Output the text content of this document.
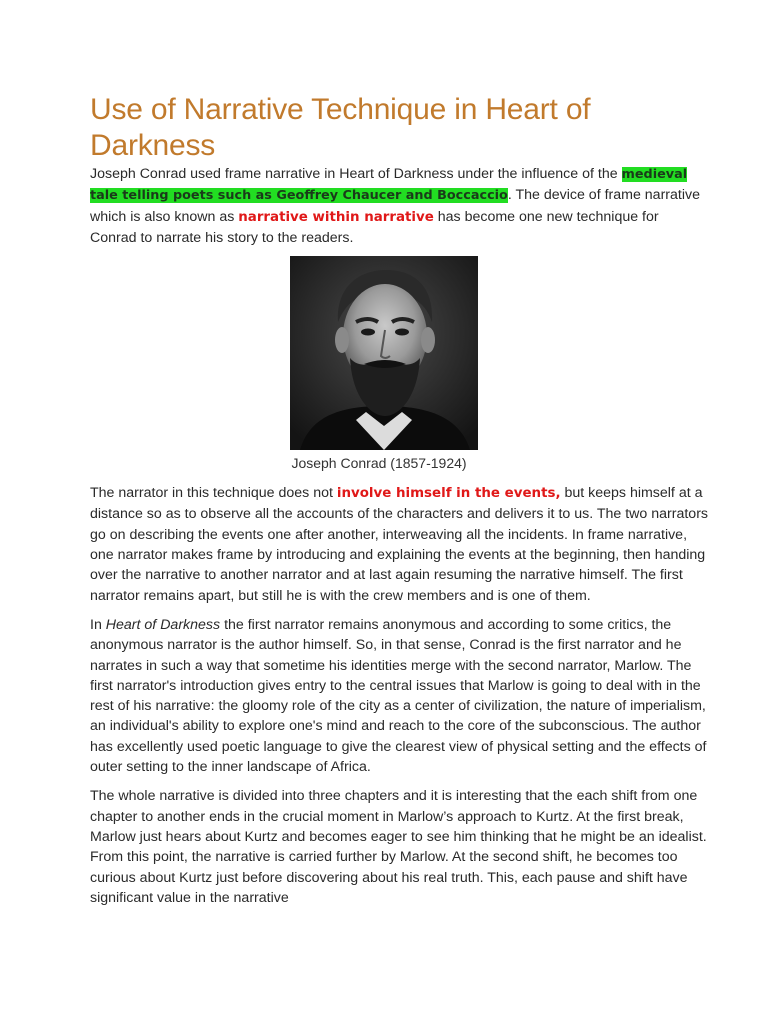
Use of Narrative Technique in Heart of Darkness

Joseph Conrad used frame narrative in Heart of Darkness under the influence of the medieval tale telling poets such as Geoffrey Chaucer and Boccaccio. The device of frame narrative which is also known as narrative within narrative has become one new technique for Conrad to narrate his story to the readers.

Joseph Conrad (1857-1924)

The narrator in this technique does not involve himself in the events, but keeps himself at a distance so as to observe all the accounts of the characters and delivers it to us. The two narrators go on describing the events one after another, interweaving all the incidents. In frame narrative, one narrator makes frame by introducing and explaining the events at the beginning, then handing over the narrative to another narrator and at last again resuming the narrative himself. The first narrator remains apart, but still he is with the crew members and is one of them.

In Heart of Darkness the first narrator remains anonymous and according to some critics, the anonymous narrator is the author himself. So, in that sense, Conrad is the first narrator and he narrates in such a way that sometime his identities merge with the second narrator, Marlow. The first narrator's introduction gives entry to the central issues that Marlow is going to deal with in the rest of his narrative: the gloomy role of the city as a center of civilization, the nature of imperialism, an individual's ability to explore one's mind and reach to the core of the subconscious. The author has excellently used poetic language to give the clearest view of physical setting and the effects of outer setting to the inner landscape of Africa.

The whole narrative is divided into three chapters and it is interesting that the each shift from one chapter to another ends in the crucial moment in Marlow’s approach to Kurtz. At the first break, Marlow just hears about Kurtz and becomes eager to see him thinking that he might be an idealist. From this point, the narrative is carried further by Marlow. At the second shift, he becomes too curious about Kurtz just before discovering about his real truth. This, each pause and shift have significant value in the narrative
